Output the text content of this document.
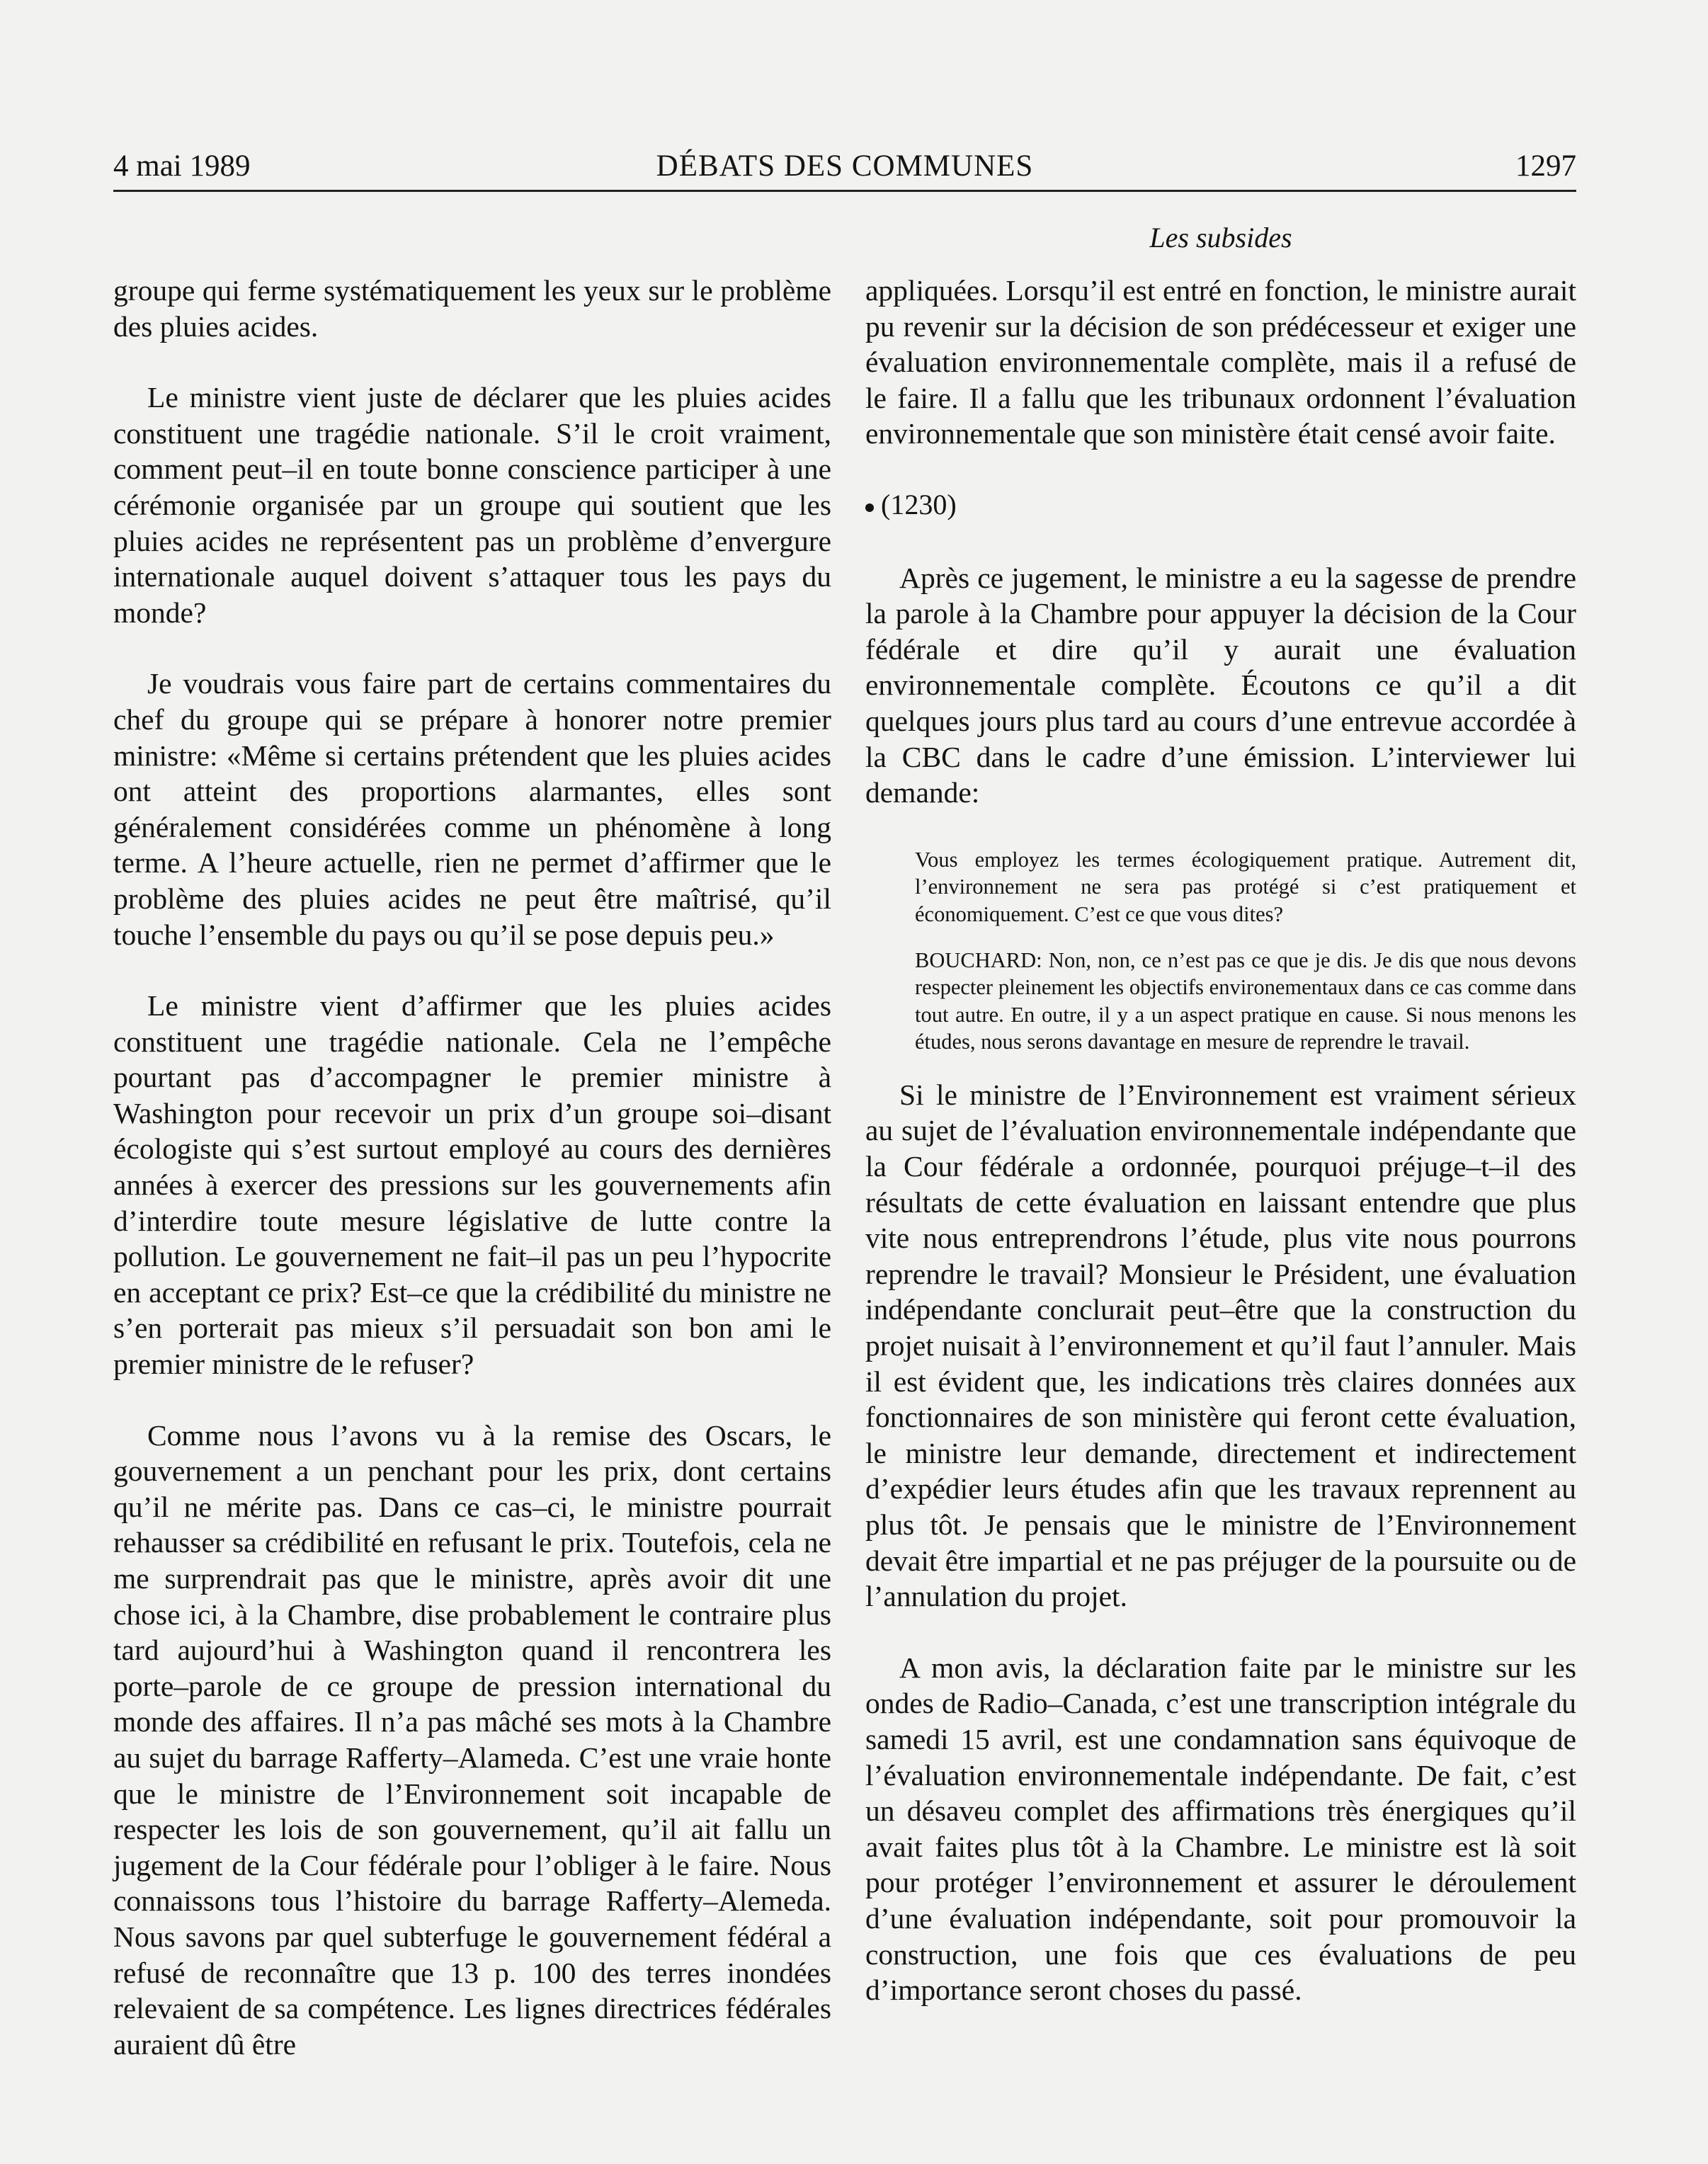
4 mai 1989	DÉBATS DES COMMUNES	1297
Les subsides

groupe qui ferme systématiquement les yeux sur le problème des pluies acides.

Le ministre vient juste de déclarer que les pluies acides constituent une tragédie nationale. S’il le croit vraiment, comment peut–il en toute bonne conscience participer à une cérémonie organisée par un groupe qui soutient que les pluies acides ne représentent pas un problème d’envergure internationale auquel doivent s’attaquer tous les pays du monde?

Je voudrais vous faire part de certains commentaires du chef du groupe qui se prépare à honorer notre premier ministre: «Même si certains prétendent que les pluies acides ont atteint des proportions alarmantes, elles sont généralement considérées comme un phénomène à long terme. A l’heure actuelle, rien ne permet d’affirmer que le problème des pluies acides ne peut être maîtrisé, qu’il touche l’ensemble du pays ou qu’il se pose depuis peu.»

Le ministre vient d’affirmer que les pluies acides constituent une tragédie nationale. Cela ne l’empêche pourtant pas d’accompagner le premier ministre à Washington pour recevoir un prix d’un groupe soi–disant écologiste qui s’est surtout employé au cours des dernières années à exercer des pressions sur les gouvernements afin d’interdire toute mesure législative de lutte contre la pollution. Le gouvernement ne fait–il pas un peu l’hypocrite en acceptant ce prix? Est–ce que la crédibilité du ministre ne s’en porterait pas mieux s’il persuadait son bon ami le premier ministre de le refuser?

Comme nous l’avons vu à la remise des Oscars, le gouvernement a un penchant pour les prix, dont certains qu’il ne mérite pas. Dans ce cas–ci, le ministre pourrait rehausser sa crédibilité en refusant le prix. Toutefois, cela ne me surprendrait pas que le ministre, après avoir dit une chose ici, à la Chambre, dise probablement le contraire plus tard aujourd’hui à Washington quand il rencontrera les porte–parole de ce groupe de pression international du monde des affaires. Il n’a pas mâché ses mots à la Chambre au sujet du barrage Rafferty–Alameda. C’est une vraie honte que le ministre de l’Environnement soit incapable de respecter les lois de son gouvernement, qu’il ait fallu un jugement de la Cour fédérale pour l’obliger à le faire. Nous connaissons tous l’histoire du barrage Rafferty–Alemeda. Nous savons par quel subterfuge le gouvernement fédéral a refusé de reconnaître que 13 p. 100 des terres inondées relevaient de sa compétence. Les lignes directrices fédérales auraient dû être

appliquées. Lorsqu’il est entré en fonction, le ministre aurait pu revenir sur la décision de son prédécesseur et exiger une évaluation environnementale complète, mais il a refusé de le faire. Il a fallu que les tribunaux ordonnent l’évaluation environnementale que son ministère était censé avoir faite.

(1230)

Après ce jugement, le ministre a eu la sagesse de prendre la parole à la Chambre pour appuyer la décision de la Cour fédérale et dire qu’il y aurait une évaluation environnementale complète. Écoutons ce qu’il a dit quelques jours plus tard au cours d’une entrevue accordée à la CBC dans le cadre d’une émission. L’interviewer lui demande:

Vous employez les termes écologiquement pratique. Autrement dit, l’environnement ne sera pas protégé si c’est pratiquement et économiquement. C’est ce que vous dites?

BOUCHARD: Non, non, ce n’est pas ce que je dis. Je dis que nous devons respecter pleinement les objectifs environementaux dans ce cas comme dans tout autre. En outre, il y a un aspect pratique en cause. Si nous menons les études, nous serons davantage en mesure de reprendre le travail.

Si le ministre de l’Environnement est vraiment sérieux au sujet de l’évaluation environnementale indépendante que la Cour fédérale a ordonnée, pourquoi préjuge–t–il des résultats de cette évaluation en laissant entendre que plus vite nous entreprendrons l’étude, plus vite nous pourrons reprendre le travail? Monsieur le Président, une évaluation indépendante conclurait peut–être que la construction du projet nuisait à l’environnement et qu’il faut l’annuler. Mais il est évident que, les indications très claires données aux fonctionnaires de son ministère qui feront cette évaluation, le ministre leur demande, directement et indirectement d’expédier leurs études afin que les travaux reprennent au plus tôt. Je pensais que le ministre de l’Environnement devait être impartial et ne pas préjuger de la poursuite ou de l’annulation du projet.

A mon avis, la déclaration faite par le ministre sur les ondes de Radio–Canada, c’est une transcription intégrale du samedi 15 avril, est une condamnation sans équivoque de l’évaluation environnementale indépendante. De fait, c’est un désaveu complet des affirmations très énergiques qu’il avait faites plus tôt à la Chambre. Le ministre est là soit pour protéger l’environnement et assurer le déroulement d’une évaluation indépendante, soit pour promouvoir la construction, une fois que ces évaluations de peu d’importance seront choses du passé.
